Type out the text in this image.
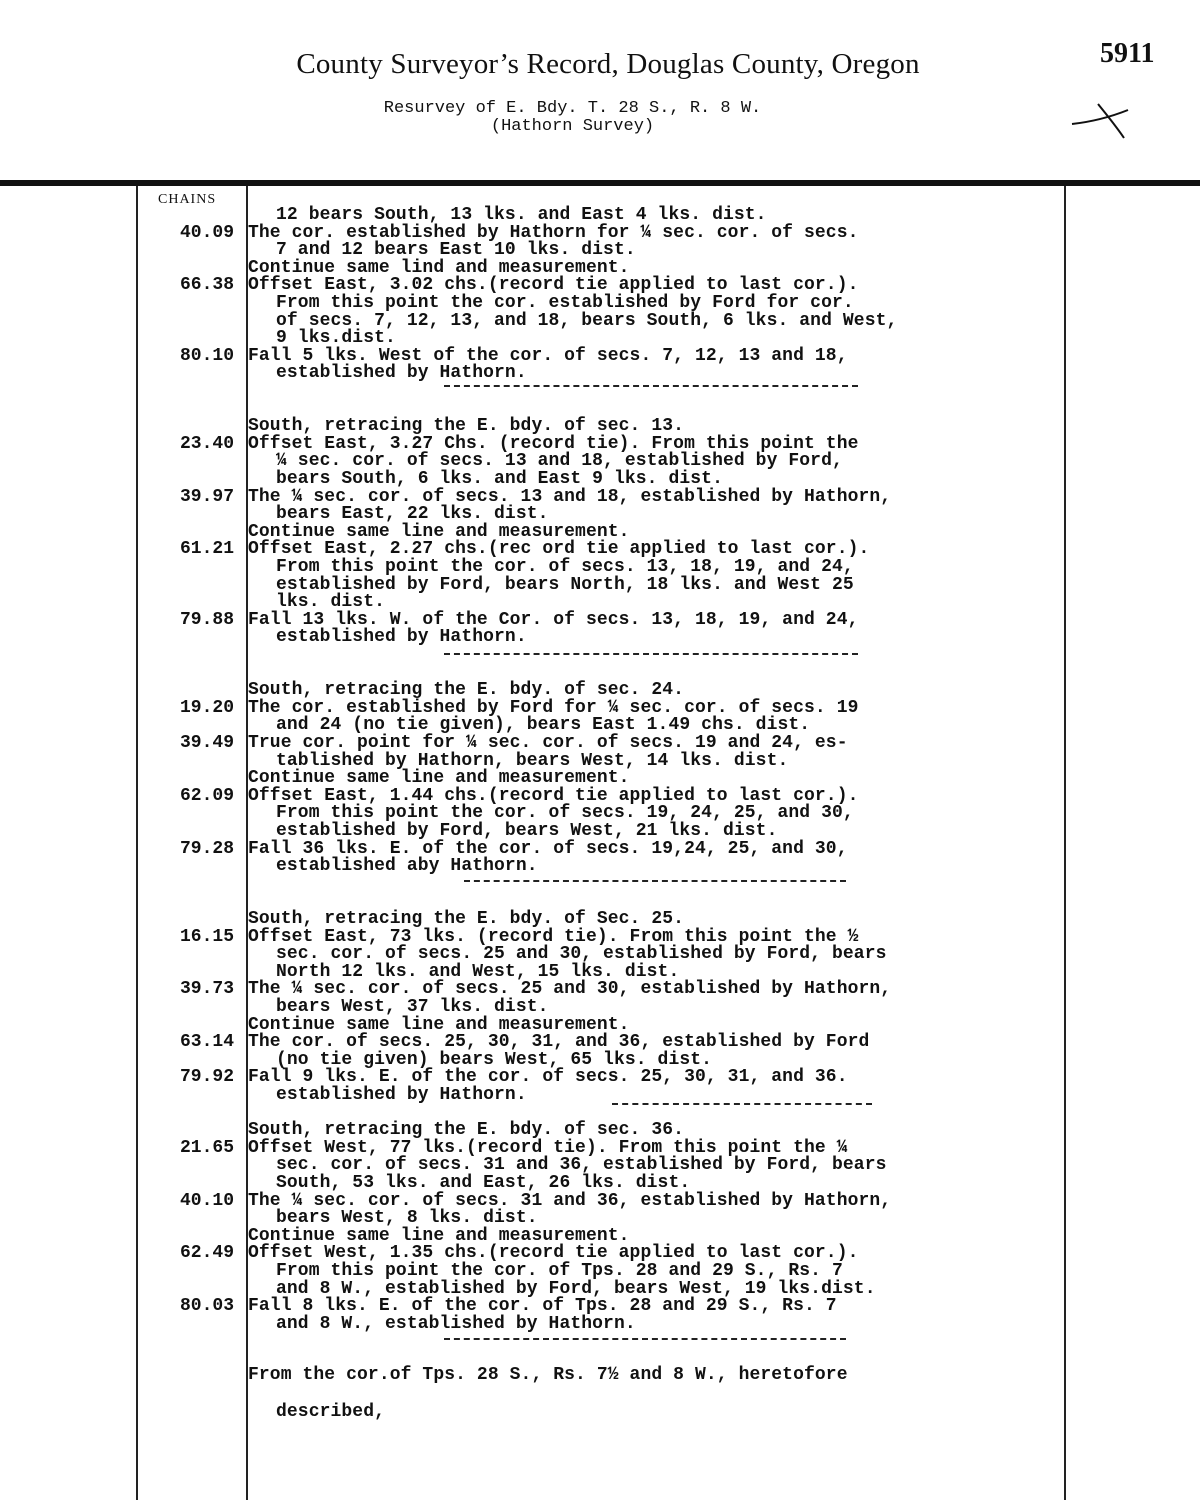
County Surveyor’s Record, Douglas County, Oregon	5911
Resurvey of E. Bdy. T. 28 S., R. 8 W.
(Hathorn Survey)
CHAINS
12 bears South, 13 lks. and East 4 lks. dist.
40.09 The cor. established by Hathorn for ¼ sec. cor. of secs.
7 and 12 bears East 10 lks. dist.
Continue same lind and measurement.
66.38 Offset East, 3.02 chs.(record tie applied to last cor.).
From this point the cor. established by Ford for cor.
of secs. 7, 12, 13, and 18, bears South, 6 lks. and West,
9 lks.dist.
80.10 Fall 5 lks. West of the cor. of secs. 7, 12, 13 and 18,
established by Hathorn.
South, retracing the E. bdy. of sec. 13.
23.40 Offset East, 3.27 Chs. (record tie). From this point the
¼ sec. cor. of secs. 13 and 18, established by Ford,
bears South, 6 lks. and East 9 lks. dist.
39.97 The ¼ sec. cor. of secs. 13 and 18, established by Hathorn,
bears East, 22 lks. dist.
Continue same line and measurement.
61.21 Offset East, 2.27 chs.(rec ord tie applied to last cor.).
From this point the cor. of secs. 13, 18, 19, and 24,
established by Ford, bears North, 18 lks. and West 25
lks. dist.
79.88 Fall 13 lks. W. of the Cor. of secs. 13, 18, 19, and 24,
established by Hathorn.
South, retracing the E. bdy. of sec. 24.
19.20 The cor. established by Ford for ¼ sec. cor. of secs. 19
and 24 (no tie given), bears East 1.49 chs. dist.
39.49 True cor. point for ¼ sec. cor. of secs. 19 and 24, es-
tablished by Hathorn, bears West, 14 lks. dist.
Continue same line and measurement.
62.09 Offset East, 1.44 chs.(record tie applied to last cor.).
From this point the cor. of secs. 19, 24, 25, and 30,
established by Ford, bears West, 21 lks. dist.
79.28 Fall 36 lks. E. of the cor. of secs. 19,24, 25, and 30,
established aby Hathorn.
South, retracing the E. bdy. of Sec. 25.
16.15 Offset East, 73 lks. (record tie). From this point the ½
sec. cor. of secs. 25 and 30, established by Ford, bears
North 12 lks. and West, 15 lks. dist.
39.73 The ¼ sec. cor. of secs. 25 and 30, established by Hathorn,
bears West, 37 lks. dist.
Continue same line and measurement.
63.14 The cor. of secs. 25, 30, 31, and 36, established by Ford
(no tie given) bears West, 65 lks. dist.
79.92 Fall 9 lks. E. of the cor. of secs. 25, 30, 31, and 36.
established by Hathorn.
South, retracing the E. bdy. of sec. 36.
21.65 Offset West, 77 lks.(record tie). From this point the ¼
sec. cor. of secs. 31 and 36, established by Ford, bears
South, 53 lks. and East, 26 lks. dist.
40.10 The ¼ sec. cor. of secs. 31 and 36, established by Hathorn,
bears West, 8 lks. dist.
Continue same line and measurement.
62.49 Offset West, 1.35 chs.(record tie applied to last cor.).
From this point the cor. of Tps. 28 and 29 S., Rs. 7
and 8 W., established by Ford, bears West, 19 lks.dist.
80.03 Fall 8 lks. E. of the cor. of Tps. 28 and 29 S., Rs. 7
and 8 W., established by Hathorn.
From the cor.of Tps. 28 S., Rs. 7½ and 8 W., heretofore
described,
